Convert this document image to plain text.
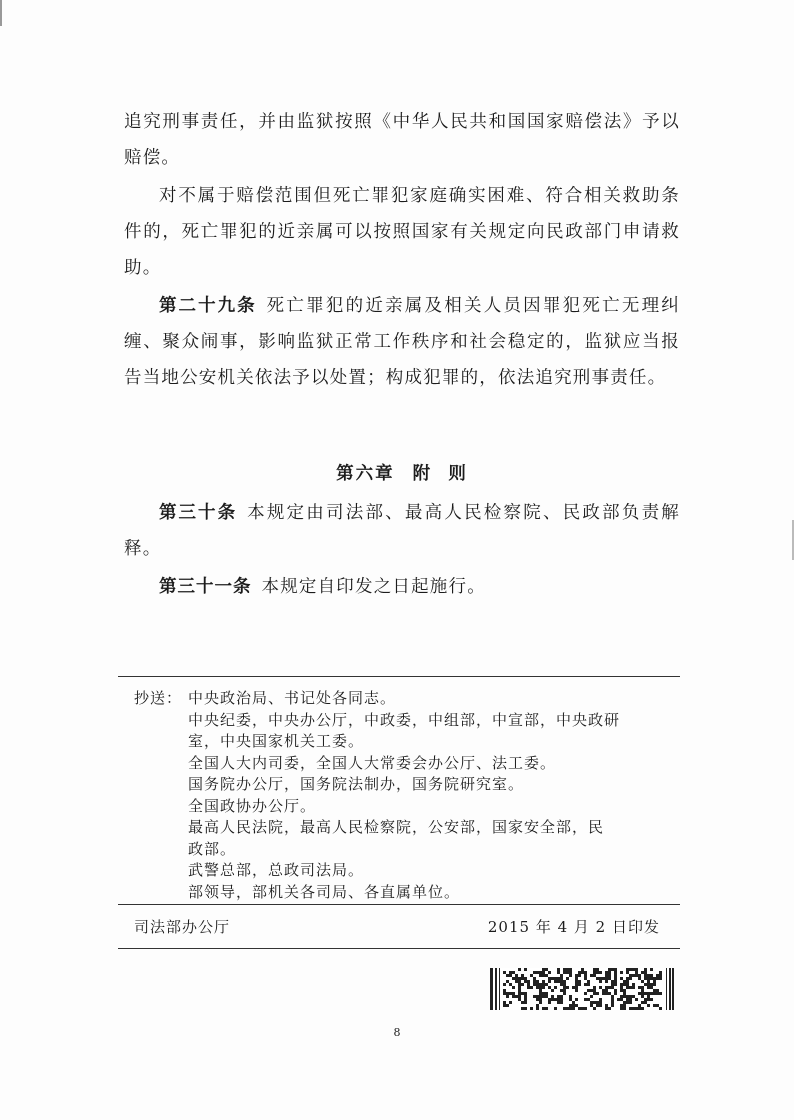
追究刑事责任，并由监狱按照《中华人民共和国国家赔偿法》予以赔偿。

对不属于赔偿范围但死亡罪犯家庭确实困难、符合相关救助条件的，死亡罪犯的近亲属可以按照国家有关规定向民政部门申请救助。

第二十九条 死亡罪犯的近亲属及相关人员因罪犯死亡无理纠缠、聚众闹事，影响监狱正常工作秩序和社会稳定的，监狱应当报告当地公安机关依法予以处置；构成犯罪的，依法追究刑事责任。

第六章 附  则

第三十条 本规定由司法部、最高人民检察院、民政部负责解释。

第三十一条 本规定自印发之日起施行。

抄送： 中央政治局、书记处各同志。
中央纪委，中央办公厅，中政委，中组部，中宣部，中央政研
室，中央国家机关工委。
全国人大内司委，全国人大常委会办公厅、法工委。
国务院办公厅，国务院法制办，国务院研究室。
全国政协办公厅。
最高人民法院，最高人民检察院，公安部，国家安全部，民
政部。
武警总部，总政司法局。
部领导，部机关各司局、各直属单位。
司法部办公厅	2015 年 4 月 2 日印发
8
